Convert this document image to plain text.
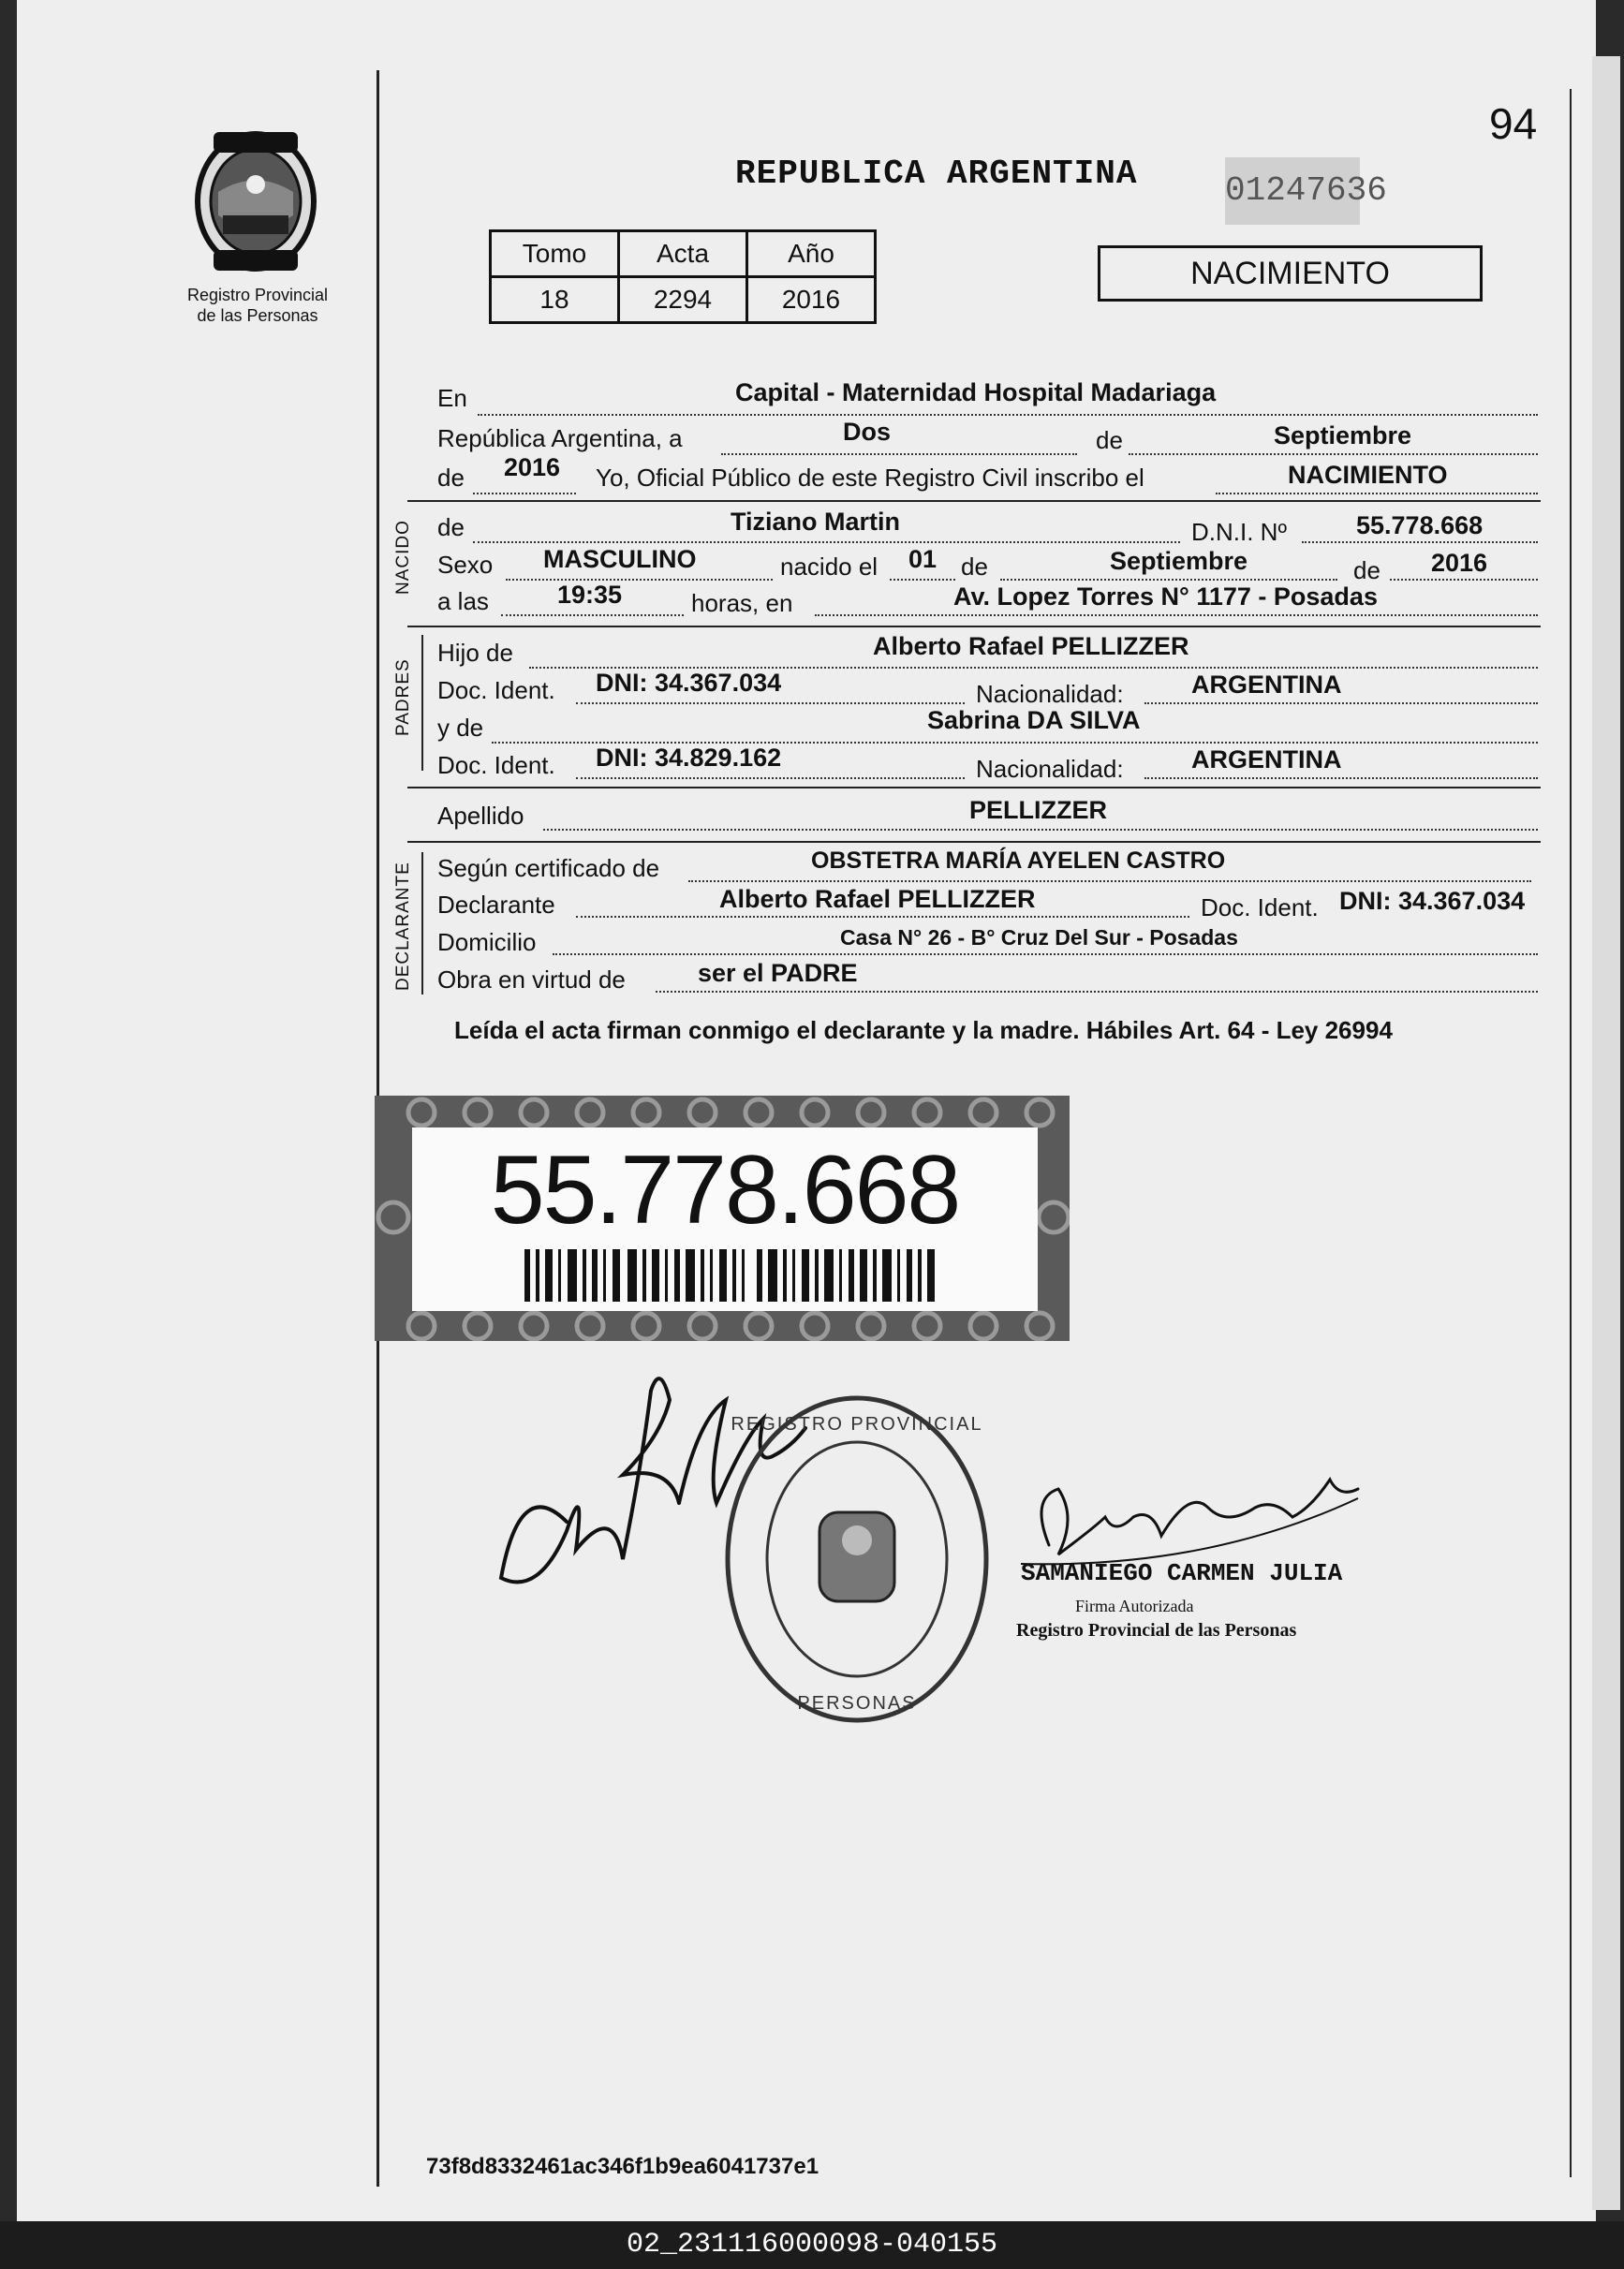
94
Registro Provincial
de las Personas
REPUBLICA ARGENTINA	01247636
NACIMIENTO
Tomo	Acta	Año
18	2294	2016
En	Capital - Maternidad Hospital Madariaga
República Argentina, a	Dos	de	Septiembre
de 2016 Yo, Oficial Público de este Registro Civil inscribo el	NACIMIENTO
NACIDO de	Tiziano Martin	D.N.I. Nº	55.778.668
Sexo MASCULINO	nacido el 01 de	Septiembre	de 2016
a las	19:35	horas, en	Av. Lopez Torres N° 1177 - Posadas
PADRES
Hijo de	Alberto Rafael PELLIZZER
Doc. Ident. DNI: 34.367.034	Nacionalidad:	ARGENTINA
y de	Sabrina DA SILVA
Doc. Ident. DNI: 34.829.162	Nacionalidad:	ARGENTINA
Apellido	PELLIZZER
DECLARANTE Según certificado de	OBSTETRA MARÍA AYELEN CASTRO
Declarante	Alberto Rafael PELLIZZER	Doc. Ident. DNI: 34.367.034
Domicilio	Casa N° 26 - B° Cruz Del Sur - Posadas
Obra en virtud de	ser el PADRE
Leída el acta firman conmigo el declarante y la madre. Hábiles Art. 64 - Ley 26994
55.778.668
REGISTRO PROVINCIAL
PERSONAS
SAMANIEGO CARMEN JULIA
Firma Autorizada
Registro Provincial de las Personas
73f8d8332461ac346f1b9ea6041737e1
02_231116000098-040155
